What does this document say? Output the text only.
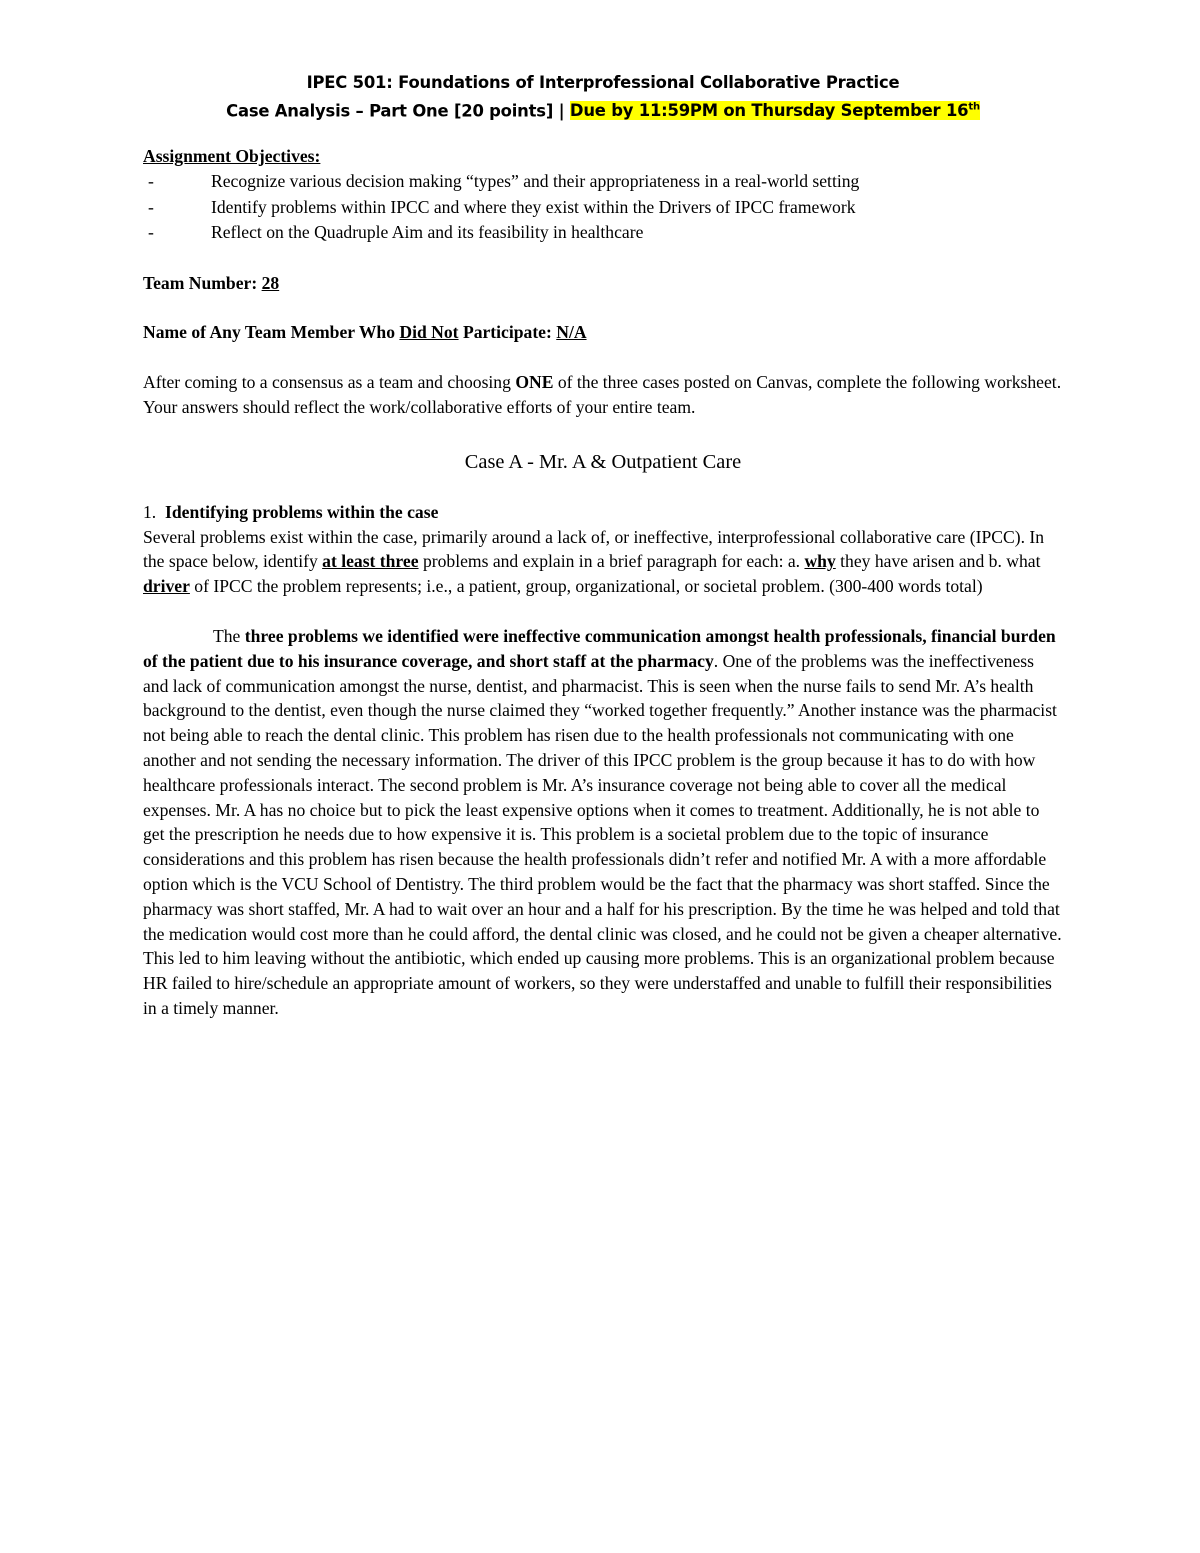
IPEC 501: Foundations of Interprofessional Collaborative Practice
Case Analysis – Part One [20 points] | Due by 11:59PM on Thursday September 16th
Assignment Objectives:
-	Recognize various decision making “types” and their appropriateness in a real-world setting
-	Identify problems within IPCC and where they exist within the Drivers of IPCC framework
-	Reflect on the Quadruple Aim and its feasibility in healthcare
Team Number: 28
Name of Any Team Member Who Did Not Participate: N/A

After coming to a consensus as a team and choosing ONE of the three cases posted on Canvas, complete the following worksheet. Your answers should reflect the work/collaborative efforts of your entire team.

Case A - Mr. A & Outpatient Care
1. Identifying problems within the case

Several problems exist within the case, primarily around a lack of, or ineffective, interprofessional collaborative care (IPCC). In the space below, identify at least three problems and explain in a brief paragraph for each: a. why they have arisen and b. what driver of IPCC the problem represents; i.e., a patient, group, organizational, or societal problem. (300-400 words total)

The three problems we identified were ineffective communication amongst health professionals, financial burden of the patient due to his insurance coverage, and short staff at the pharmacy. One of the problems was the ineffectiveness and lack of communication amongst the nurse, dentist, and pharmacist. This is seen when the nurse fails to send Mr. A’s health background to the dentist, even though the nurse claimed they “worked together frequently.” Another instance was the pharmacist not being able to reach the dental clinic. This problem has risen due to the health professionals not communicating with one another and not sending the necessary information. The driver of this IPCC problem is the group because it has to do with how healthcare professionals interact. The second problem is Mr. A’s insurance coverage not being able to cover all the medical expenses. Mr. A has no choice but to pick the least expensive options when it comes to treatment. Additionally, he is not able to get the prescription he needs due to how expensive it is. This problem is a societal problem due to the topic of insurance considerations and this problem has risen because the health professionals didn’t refer and notified Mr. A with a more affordable option which is the VCU School of Dentistry. The third problem would be the fact that the pharmacy was short staffed. Since the pharmacy was short staffed, Mr. A had to wait over an hour and a half for his prescription. By the time he was helped and told that the medication would cost more than he could afford, the dental clinic was closed, and he could not be given a cheaper alternative. This led to him leaving without the antibiotic, which ended up causing more problems. This is an organizational problem because HR failed to hire/schedule an appropriate amount of workers, so they were understaffed and unable to fulfill their responsibilities in a timely manner.
